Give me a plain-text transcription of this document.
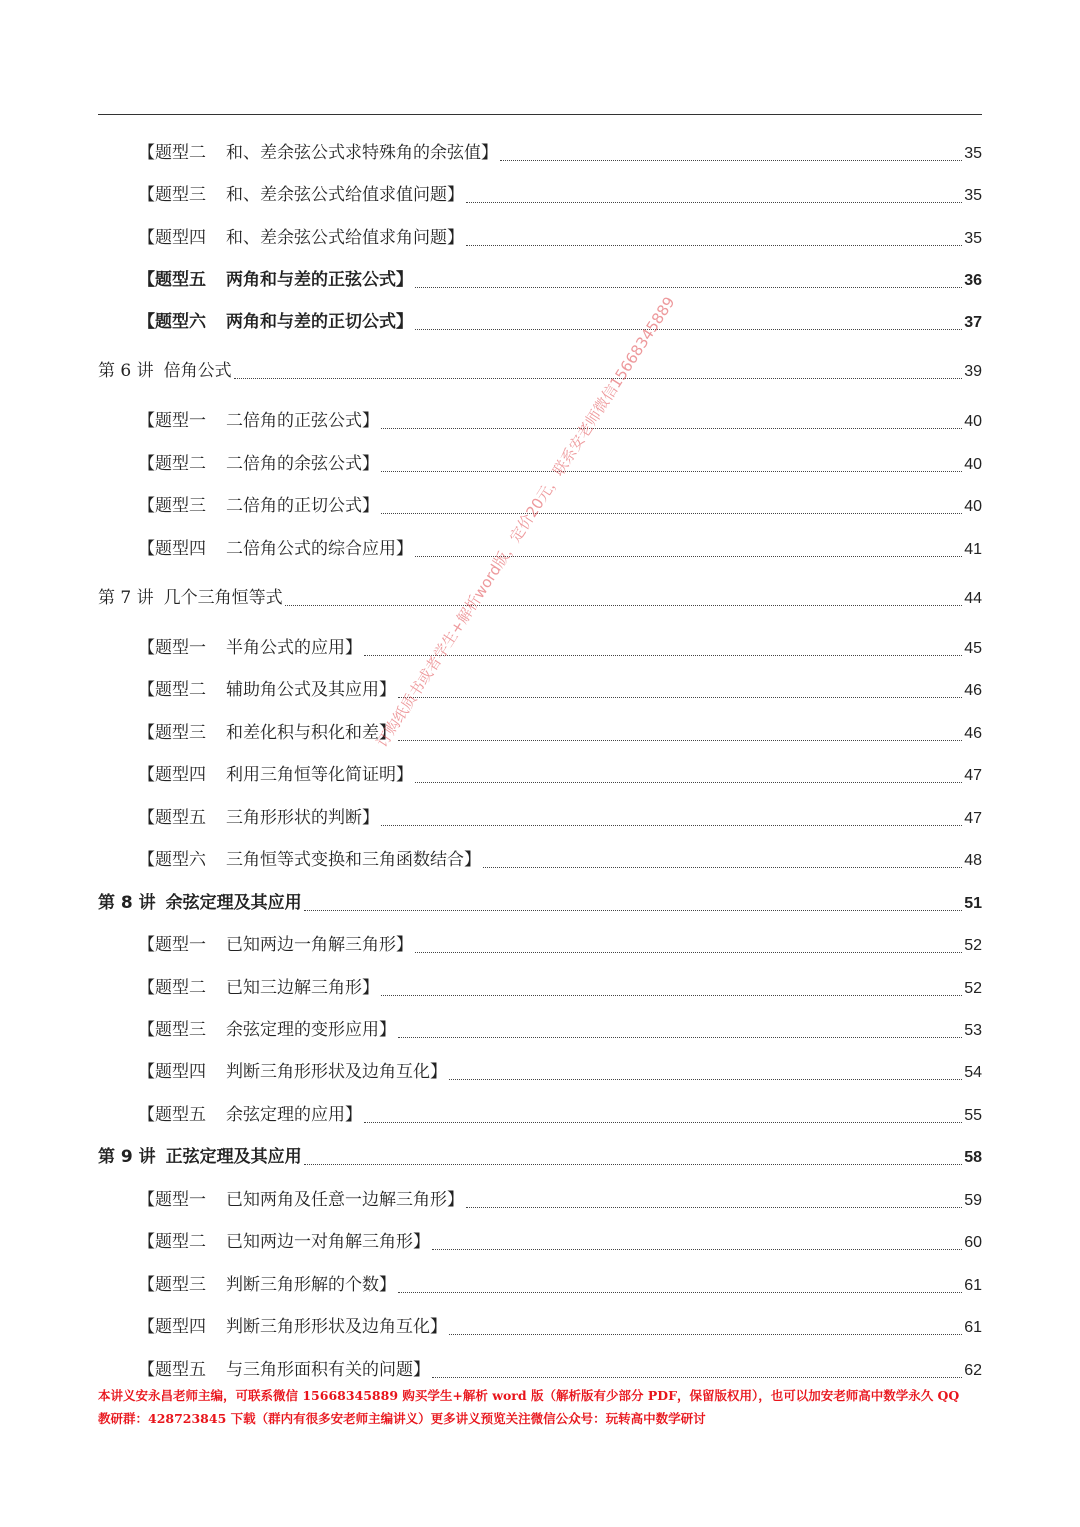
【题型二 和、差余弦公式求特殊角的余弦值】	35
【题型三 和、差余弦公式给值求值问题】	35
【题型四 和、差余弦公式给值求角问题】	35
【题型五 两角和与差的正弦公式】	36
【题型六 两角和与差的正切公式】	37
第 6 讲 倍角公式	39
【题型一 二倍角的正弦公式】	40
【题型二 二倍角的余弦公式】	40
【题型三 二倍角的正切公式】	40
【题型四 二倍角公式的综合应用】	41
第 7 讲 几个三角恒等式	44
【题型一 半角公式的应用】	45
【题型二 辅助角公式及其应用】	46
【题型三 和差化积与积化和差】	46
【题型四 利用三角恒等化简证明】	47
【题型五 三角形形状的判断】	47
【题型六 三角恒等式变换和三角函数结合】	48
第 8 讲 余弦定理及其应用	51
【题型一 已知两边一角解三角形】	52
【题型二 已知三边解三角形】	52
【题型三 余弦定理的变形应用】	53
【题型四 判断三角形形状及边角互化】	54
【题型五 余弦定理的应用】	55
第 9 讲 正弦定理及其应用	58
【题型一 已知两角及任意一边解三角形】	59
【题型二 已知两边一对角解三角形】	60
【题型三 判断三角形解的个数】	61
【题型四 判断三角形形状及边角互化】	61
【题型五 与三角形面积有关的问题】	62
订购纸质书或者学生+解析word版，定价20元，联系安老师微信15668345889
本讲义安永昌老师主编，可联系微信 15668345889 购买学生+解析 word 版（解析版有少部分 PDF，保留版权用），也可以加安老师高中数学永久 QQ
教研群：428723845 下载（群内有很多安老师主编讲义）更多讲义预览关注微信公众号：玩转高中数学研讨
